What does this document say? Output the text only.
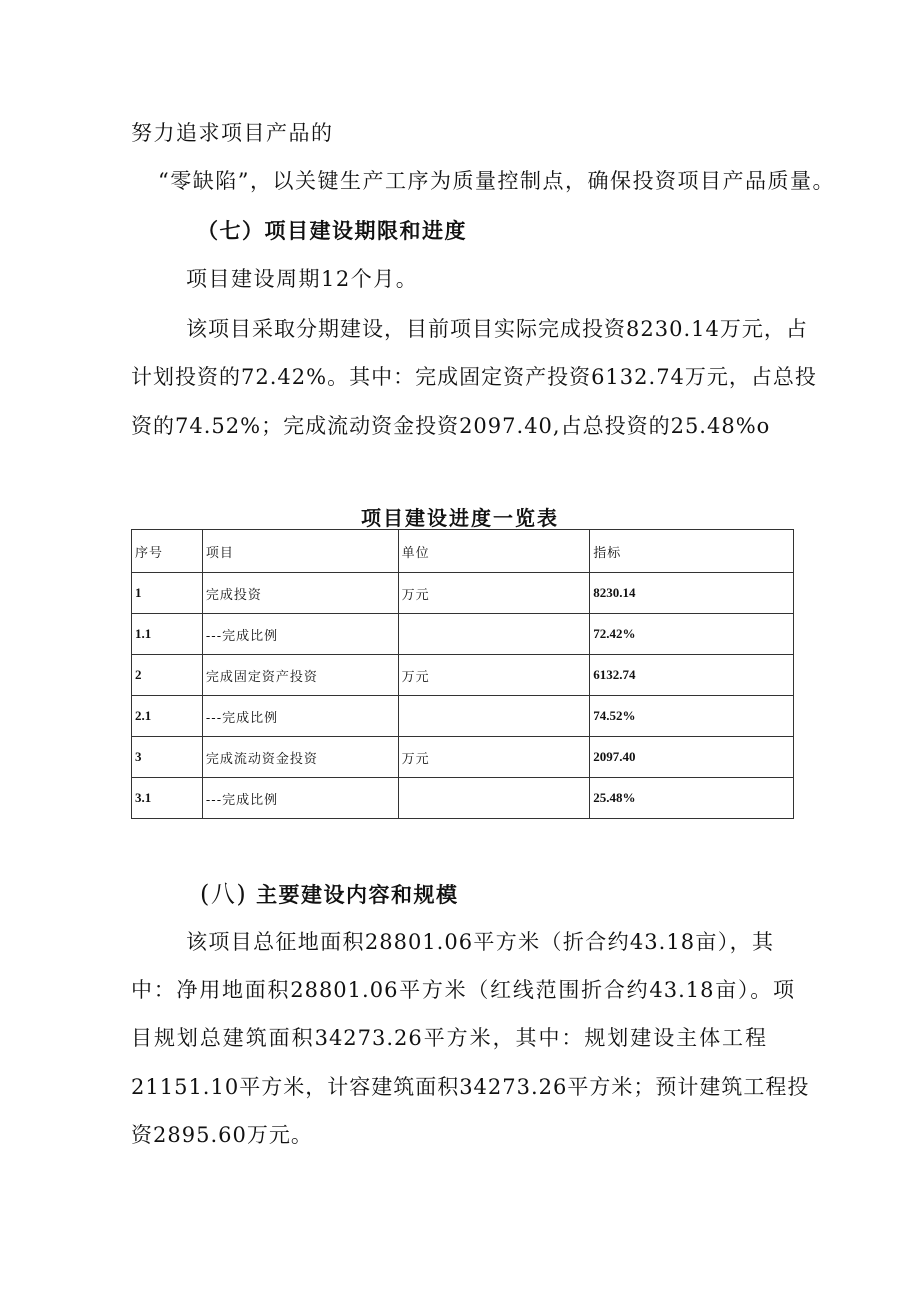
努力追求项目产品的
“零缺陷”，以关键生产工序为质量控制点，确保投资项目产品质量。
（七）项目建设期限和进度
项目建设周期12个月。
该项目采取分期建设，目前项目实际完成投资8230.14万元，占
计划投资的72.42%。其中：完成固定资产投资6132.74万元，占总投
资的74.52%；完成流动资金投资2097.40,占总投资的25.48%o
项目建设进度一览表
序号	项目	单位	指标
1	完成投资	万元	8230.14
1.1	---完成比例		72.42%
2	完成固定资产投资	万元	6132.74
2.1	---完成比例		74.52%
3	完成流动资金投资	万元	2097.40
3.1	---完成比例		25.48%
(八) 主要建设内容和规模
该项目总征地面积28801.06平方米（折合约43.18亩），其
中：净用地面积28801.06平方米（红线范围折合约43.18亩）。项
目规划总建筑面积34273.26平方米，其中：规划建设主体工程
21151.10平方米，计容建筑面积34273.26平方米；预计建筑工程投
资2895.60万元。
